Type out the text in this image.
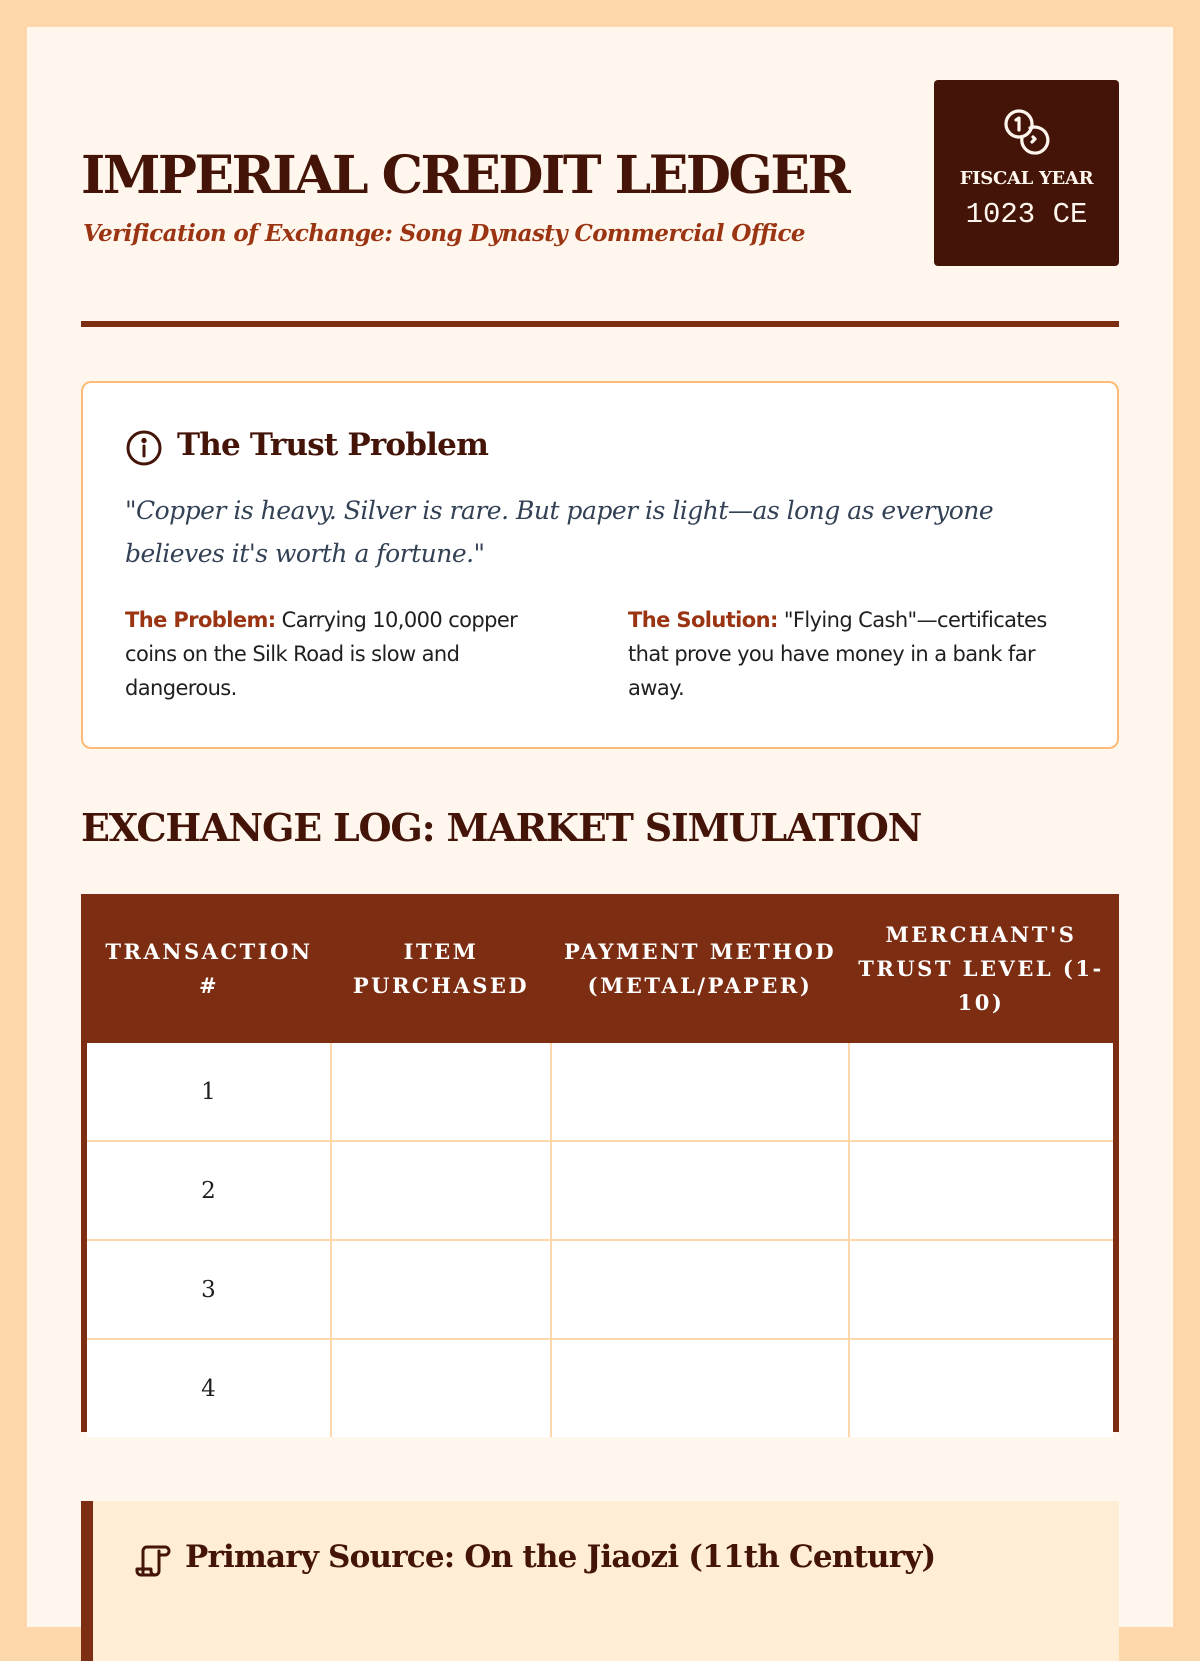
IMPERIAL CREDIT LEDGER

Verification of Exchange: Song Dynasty Commercial Office

FISCAL YEAR
1023 CE
The Trust Problem

"Copper is heavy. Silver is rare. But paper is light—as long as everyone believes it's worth a fortune."

The Problem: Carrying 10,000 copper coins on the Silk Road is slow and dangerous.

The Solution: "Flying Cash"—certificates that prove you have money in a bank far away.

EXCHANGE LOG: MARKET SIMULATION
TRANSACTION #	ITEM PURCHASED	PAYMENT METHOD (METAL/PAPER)	MERCHANT'S TRUST LEVEL (1-10)
1			
2			
3			
4			
Primary Source: On the Jiaozi (11th Century)
